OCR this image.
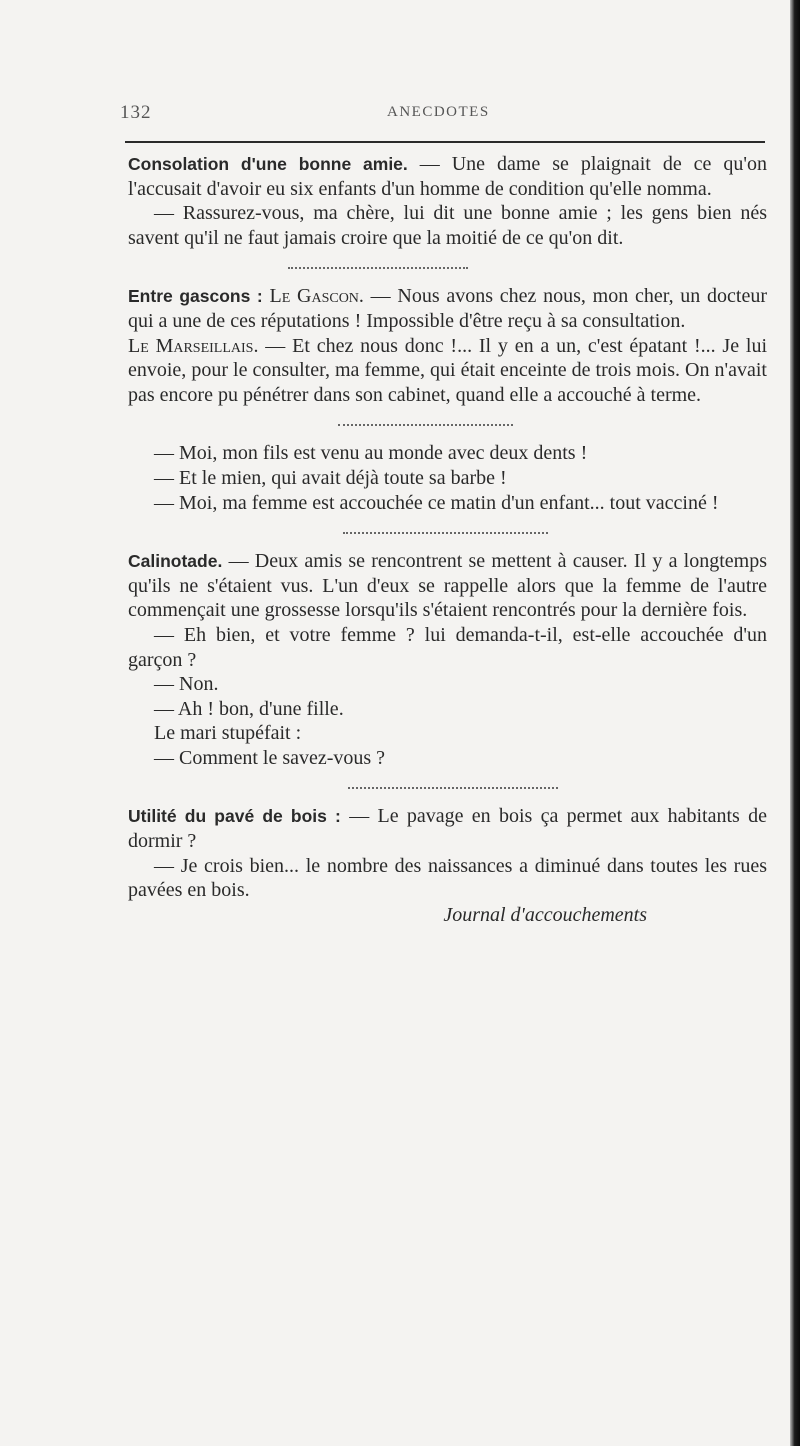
132	ANECDOTES

Consolation d'une bonne amie. — Une dame se plaignait de ce qu'on l'accusait d'avoir eu six enfants d'un homme de condition qu'elle nomma.

— Rassurez-vous, ma chère, lui dit une bonne amie ; les gens bien nés savent qu'il ne faut jamais croire que la moitié de ce qu'on dit.

Entre gascons : Le Gascon. — Nous avons chez nous, mon cher, un docteur qui a une de ces réputations ! Impossible d'être reçu à sa consultation.

Le Marseillais. — Et chez nous donc !... Il y en a un, c'est épatant !... Je lui envoie, pour le consulter, ma femme, qui était enceinte de trois mois. On n'avait pas encore pu pénétrer dans son cabinet, quand elle a accouché à terme.

— Moi, mon fils est venu au monde avec deux dents !

— Et le mien, qui avait déjà toute sa barbe !

— Moi, ma femme est accouchée ce matin d'un enfant... tout vacciné !

Calinotade. — Deux amis se rencontrent se mettent à causer. Il y a longtemps qu'ils ne s'étaient vus. L'un d'eux se rappelle alors que la femme de l'autre commençait une grossesse lorsqu'ils s'étaient rencontrés pour la dernière fois.

— Eh bien, et votre femme ? lui demanda-t-il, est-elle accouchée d'un garçon ?

— Non.

— Ah ! bon, d'une fille.

Le mari stupéfait :

— Comment le savez-vous ?

Utilité du pavé de bois : — Le pavage en bois ça permet aux habitants de dormir ?

— Je crois bien... le nombre des naissances a diminué dans toutes les rues pavées en bois.

Journal d'accouchements
